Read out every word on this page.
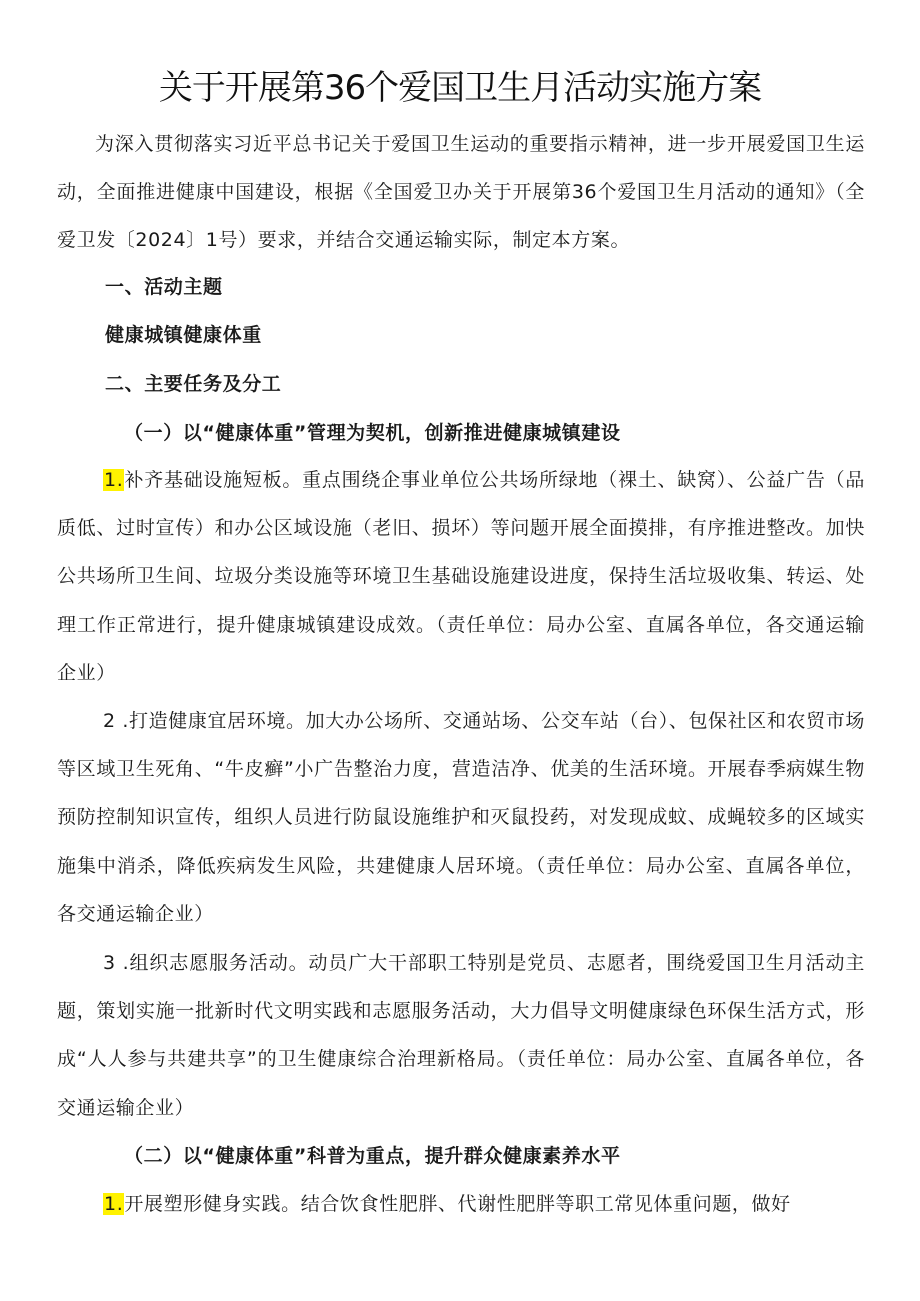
关于开展第36个爱国卫生月活动实施方案

为深入贯彻落实习近平总书记关于爱国卫生运动的重要指示精神，进一步开展爱国卫生运动，全面推进健康中国建设，根据《全国爱卫办关于开展第36个爱国卫生月活动的通知》（全爱卫发〔2024〕1号）要求，并结合交通运输实际，制定本方案。

一、活动主题
健康城镇健康体重
二、主要任务及分工
（一）以“健康体重”管理为契机，创新推进健康城镇建设

1.补齐基础设施短板。重点围绕企事业单位公共场所绿地（裸土、缺窝）、公益广告（品质低、过时宣传）和办公区域设施（老旧、损坏）等问题开展全面摸排，有序推进整改。加快公共场所卫生间、垃圾分类设施等环境卫生基础设施建设进度，保持生活垃圾收集、转运、处理工作正常进行，提升健康城镇建设成效。（责任单位：局办公室、直属各单位，各交通运输企业）

2 .打造健康宜居环境。加大办公场所、交通站场、公交车站（台）、包保社区和农贸市场等区域卫生死角、“牛皮癣”小广告整治力度，营造洁净、优美的生活环境。开展春季病媒生物预防控制知识宣传，组织人员进行防鼠设施维护和灭鼠投药，对发现成蚊、成蝇较多的区域实施集中消杀，降低疾病发生风险，共建健康人居环境。（责任单位：局办公室、直属各单位，各交通运输企业）

3 .组织志愿服务活动。动员广大干部职工特别是党员、志愿者，围绕爱国卫生月活动主题，策划实施一批新时代文明实践和志愿服务活动，大力倡导文明健康绿色环保生活方式，形成“人人参与共建共享”的卫生健康综合治理新格局。（责任单位：局办公室、直属各单位，各交通运输企业）

（二）以“健康体重”科普为重点，提升群众健康素养水平

1.开展塑形健身实践。结合饮食性肥胖、代谢性肥胖等职工常见体重问题，做好
